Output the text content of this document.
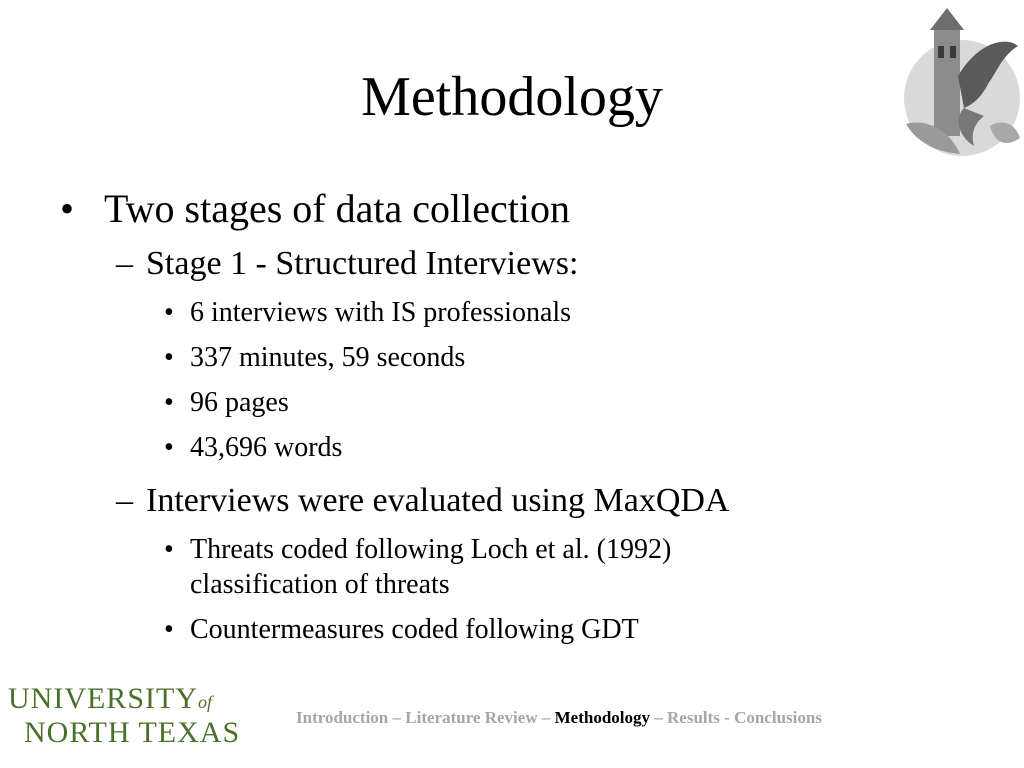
Methodology
• Two stages of data collection
– Stage 1 - Structured Interviews:
• 6 interviews with IS professionals
• 337 minutes, 59 seconds
• 96 pages
• 43,696 words
– Interviews were evaluated using MaxQDA
• Threats coded following Loch et al. (1992) classification of threats
• Countermeasures coded following GDT
UNIVERSITYof
NORTH TEXAS	Introduction – Literature Review – Methodology – Results - Conclusions
